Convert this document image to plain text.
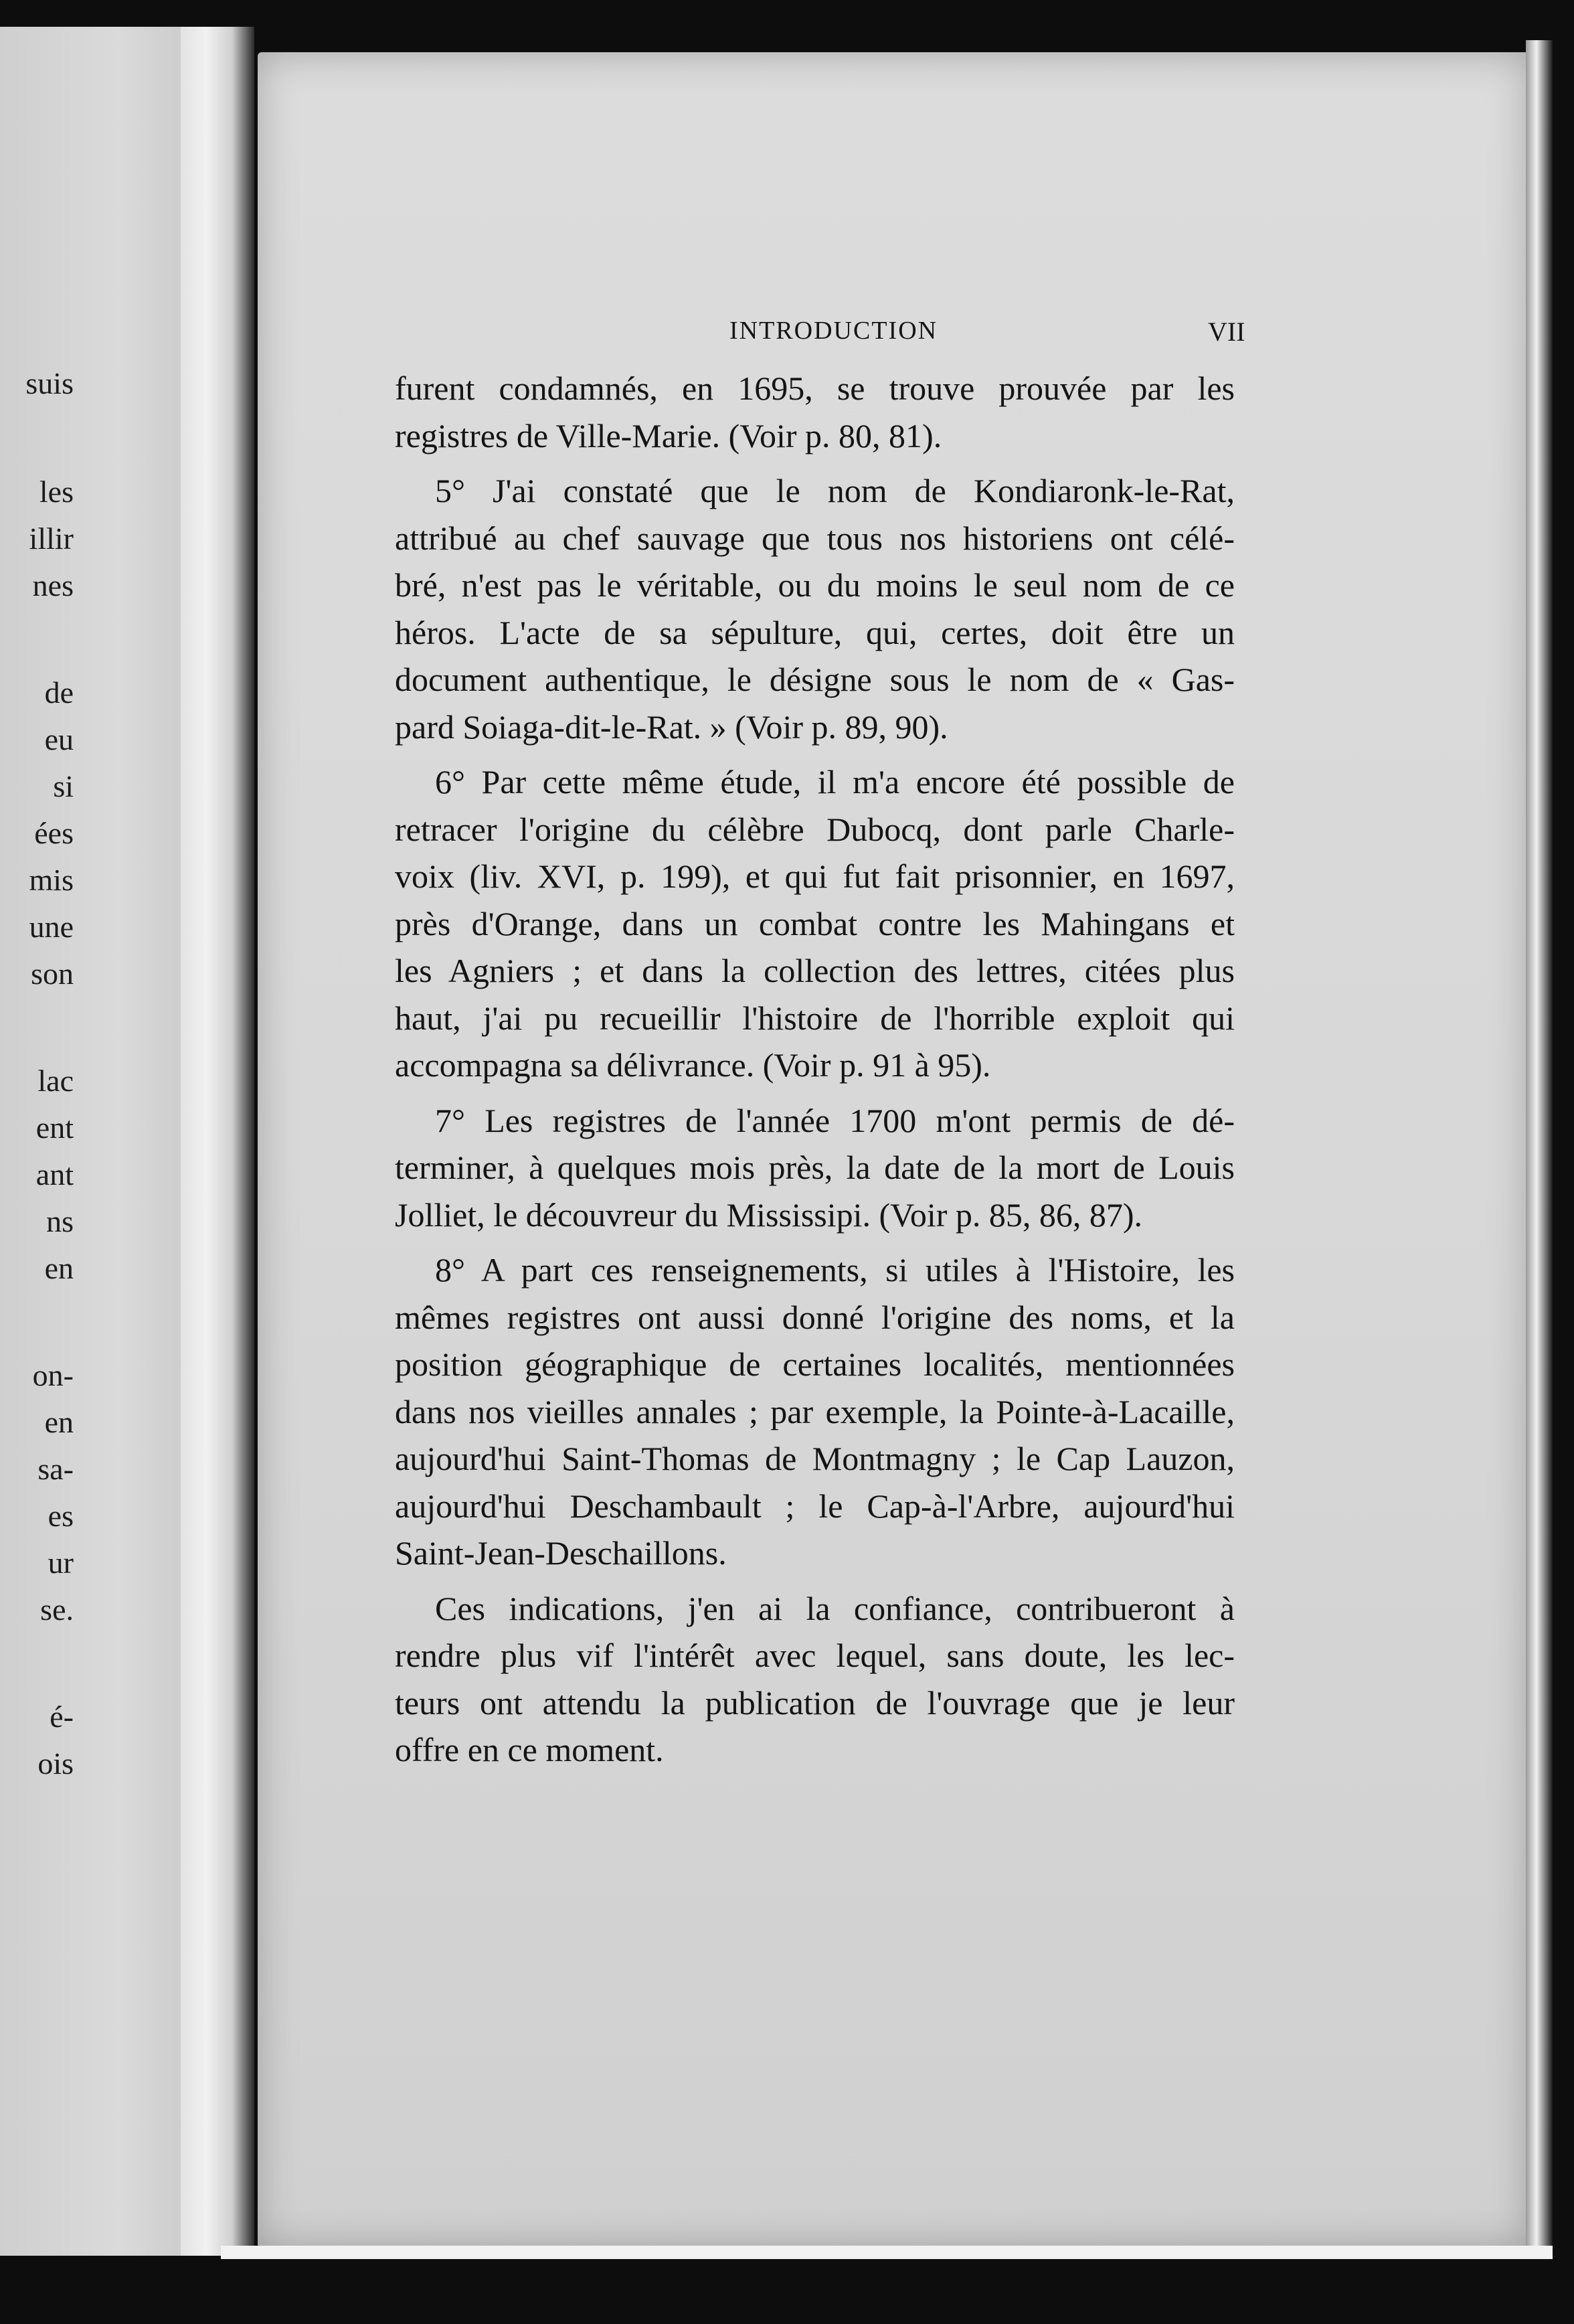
suis
les
illir
nes
de
eu
si
ées
mis
une
son
lac
ent
ant
ns
en
on-
en
sa-
es
ur
se.
é-
ois
INTRODUCTION	VII

furent condamnés, en 1695, se trouve prouvée par les
registres de Ville-Marie. (Voir p. 80, 81).

5° J'ai constaté que le nom de Kondiaronk-le-Rat,
attribué au chef sauvage que tous nos historiens ont célé-
bré, n'est pas le véritable, ou du moins le seul nom de ce
héros. L'acte de sa sépulture, qui, certes, doit être un
document authentique, le désigne sous le nom de « Gas-
pard Soiaga-dit-le-Rat. » (Voir p. 89, 90).

6° Par cette même étude, il m'a encore été possible de
retracer l'origine du célèbre Dubocq, dont parle Charle-
voix (liv. XVI, p. 199), et qui fut fait prisonnier, en 1697,
près d'Orange, dans un combat contre les Mahingans et
les Agniers ; et dans la collection des lettres, citées plus
haut, j'ai pu recueillir l'histoire de l'horrible exploit qui
accompagna sa délivrance. (Voir p. 91 à 95).

7° Les registres de l'année 1700 m'ont permis de dé-
terminer, à quelques mois près, la date de la mort de Louis
Jolliet, le découvreur du Mississipi. (Voir p. 85, 86, 87).

8° A part ces renseignements, si utiles à l'Histoire, les
mêmes registres ont aussi donné l'origine des noms, et la
position géographique de certaines localités, mentionnées
dans nos vieilles annales ; par exemple, la Pointe-à-Lacaille,
aujourd'hui Saint-Thomas de Montmagny ; le Cap Lauzon,
aujourd'hui Deschambault ; le Cap-à-l'Arbre, aujourd'hui
Saint-Jean-Deschaillons.

Ces indications, j'en ai la confiance, contribueront à
rendre plus vif l'intérêt avec lequel, sans doute, les lec-
teurs ont attendu la publication de l'ouvrage que je leur
offre en ce moment.
